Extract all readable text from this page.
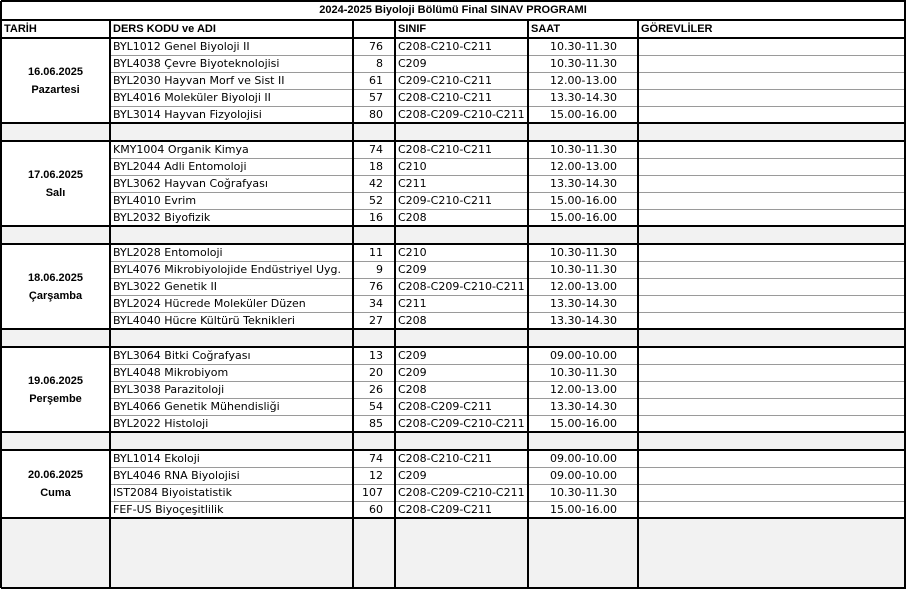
2024-2025 Biyoloji Bölümü Final SINAV PROGRAMI
TARİH	DERS KODU ve ADI	SINIF	SAAT	GÖREVLİLER
16.06.2025
Pazartesi
BYL1012 Genel Biyoloji II	76	C208-C210-C211	10.30-11.30
BYL4038 Çevre Biyoteknolojisi	8	C209	10.30-11.30
BYL2030 Hayvan Morf ve Sist II	61	C209-C210-C211	12.00-13.00
BYL4016 Moleküler Biyoloji II	57	C208-C210-C211	13.30-14.30
BYL3014 Hayvan Fizyolojisi	80	C208-C209-C210-C211	15.00-16.00
17.06.2025
Salı
KMY1004 Organik Kimya	74	C208-C210-C211	10.30-11.30
BYL2044 Adli Entomoloji	18	C210	12.00-13.00
BYL3062 Hayvan Coğrafyası	42	C211	13.30-14.30
BYL4010 Evrim	52	C209-C210-C211	15.00-16.00
BYL2032 Biyofizik	16	C208	15.00-16.00
18.06.2025
Çarşamba
BYL2028 Entomoloji	11	C210	10.30-11.30
BYL4076 Mikrobiyolojide Endüstriyel Uyg.	9	C209	10.30-11.30
BYL3022 Genetik II	76	C208-C209-C210-C211	12.00-13.00
BYL2024 Hücrede Moleküler Düzen	34	C211	13.30-14.30
BYL4040 Hücre Kültürü Teknikleri	27	C208	13.30-14.30
19.06.2025
Perşembe
BYL3064 Bitki Coğrafyası	13	C209	09.00-10.00
BYL4048 Mikrobiyom	20	C209	10.30-11.30
BYL3038 Parazitoloji	26	C208	12.00-13.00
BYL4066 Genetik Mühendisliği	54	C208-C209-C211	13.30-14.30
BYL2022 Histoloji	85	C208-C209-C210-C211	15.00-16.00
20.06.2025
Cuma
BYL1014 Ekoloji	74	C208-C210-C211	09.00-10.00
BYL4046 RNA Biyolojisi	12	C209	09.00-10.00
IST2084 Biyoistatistik	107	C208-C209-C210-C211	10.30-11.30
FEF-US Biyoçeşitlilik	60	C208-C209-C211	15.00-16.00
